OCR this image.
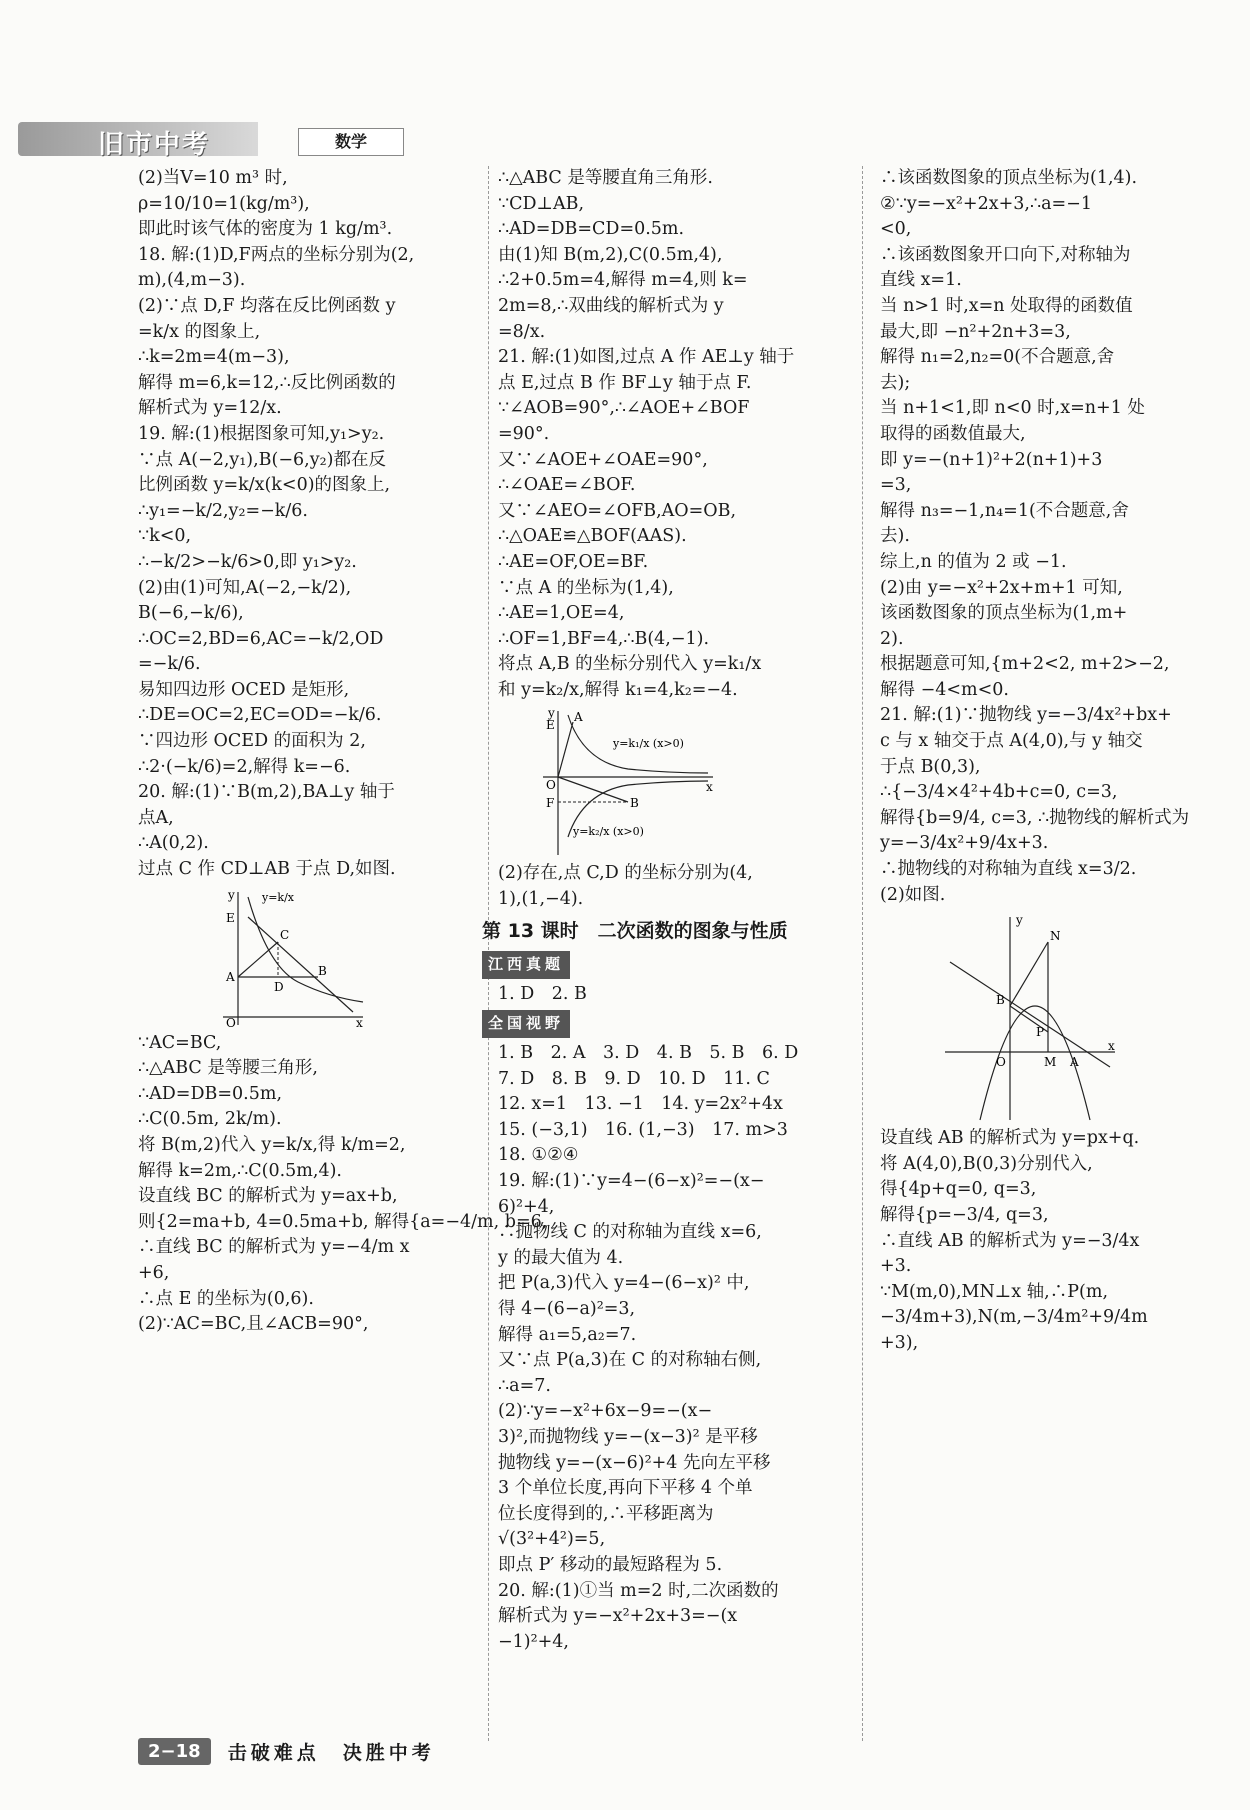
旧市中考	数学
(2)当V=10 m³ 时,
ρ=10/10=1(kg/m³),
即此时该气体的密度为 1 kg/m³.
18. 解:(1)D,F两点的坐标分别为(2,
m),(4,m−3).
(2)∵点 D,F 均落在反比例函数 y
=k/x 的图象上,
∴k=2m=4(m−3),
解得 m=6,k=12,∴反比例函数的
解析式为 y=12/x.
19. 解:(1)根据图象可知,y₁>y₂.
∵点 A(−2,y₁),B(−6,y₂)都在反
比例函数 y=k/x(k<0)的图象上,
∴y₁=−k/2,y₂=−k/6.
∵k<0,
∴−k/2>−k/6>0,即 y₁>y₂.
(2)由(1)可知,A(−2,−k/2),
B(−6,−k/6),
∴OC=2,BD=6,AC=−k/2,OD
=−k/6.
易知四边形 OCED 是矩形,
∴DE=OC=2,EC=OD=−k/6.
∵四边形 OCED 的面积为 2,
∴2·(−k/6)=2,解得 k=−6.
20. 解:(1)∵B(m,2),BA⊥y 轴于
点A,
∴A(0,2).
过点 C 作 CD⊥AB 于点 D,如图.
y
x
O
E
C
A
D
B
y=k/x
∵AC=BC,
∴△ABC 是等腰三角形,
∴AD=DB=0.5m,
∴C(0.5m, 2k/m).
将 B(m,2)代入 y=k/x,得 k/m=2,
解得 k=2m,∴C(0.5m,4).
设直线 BC 的解析式为 y=ax+b,
则{2=ma+b, 4=0.5ma+b, 解得{a=−4/m, b=6,
∴直线 BC 的解析式为 y=−4/m x
+6,
∴点 E 的坐标为(0,6).
(2)∵AC=BC,且∠ACB=90°,
∴△ABC 是等腰直角三角形.
∵CD⊥AB,
∴AD=DB=CD=0.5m.
由(1)知 B(m,2),C(0.5m,4),
∴2+0.5m=4,解得 m=4,则 k=
2m=8,∴双曲线的解析式为 y
=8/x.
21. 解:(1)如图,过点 A 作 AE⊥y 轴于
点 E,过点 B 作 BF⊥y 轴于点 F.
∵∠AOB=90°,∴∠AOE+∠BOF
=90°.
又∵∠AOE+∠OAE=90°,
∴∠OAE=∠BOF.
又∵∠AEO=∠OFB,AO=OB,
∴△OAE≌△BOF(AAS).
∴AE=OF,OE=BF.
∵点 A 的坐标为(1,4),
∴AE=1,OE=4,
∴OF=1,BF=4,∴B(4,−1).
将点 A,B 的坐标分别代入 y=k₁/x
和 y=k₂/x,解得 k₁=4,k₂=−4.
y
x
O
E
A
F	B
y=k₁/x (x>0)
y=k₂/x (x>0)
(2)存在,点 C,D 的坐标分别为(4,
1),(1,−4).
第 13 课时　二次函数的图象与性质
江西真题
1. D　2. B
全国视野
1. B　2. A　3. D　4. B　5. B　6. D
7. D　8. B　9. D　10. D　11. C
12. x=1　13. −1　14. y=2x²+4x
15. (−3,1)　16. (1,−3)　17. m>3
18. ①②④
19. 解:(1)∵y=4−(6−x)²=−(x−
6)²+4,
∴抛物线 C 的对称轴为直线 x=6,
y 的最大值为 4.
把 P(a,3)代入 y=4−(6−x)² 中,
得 4−(6−a)²=3,
解得 a₁=5,a₂=7.
又∵点 P(a,3)在 C 的对称轴右侧,
∴a=7.
(2)∵y=−x²+6x−9=−(x−
3)²,而抛物线 y=−(x−3)² 是平移
抛物线 y=−(x−6)²+4 先向左平移
3 个单位长度,再向下平移 4 个单
位长度得到的,∴平移距离为
√(3²+4²)=5,
即点 P′ 移动的最短路程为 5.
20. 解:(1)①当 m=2 时,二次函数的
解析式为 y=−x²+2x+3=−(x
−1)²+4,
∴该函数图象的顶点坐标为(1,4).
②∵y=−x²+2x+3,∴a=−1
<0,
∴该函数图象开口向下,对称轴为
直线 x=1.
当 n>1 时,x=n 处取得的函数值
最大,即 −n²+2n+3=3,
解得 n₁=2,n₂=0(不合题意,舍
去);
当 n+1<1,即 n<0 时,x=n+1 处
取得的函数值最大,
即 y=−(n+1)²+2(n+1)+3
=3,
解得 n₃=−1,n₄=1(不合题意,舍
去).
综上,n 的值为 2 或 −1.
(2)由 y=−x²+2x+m+1 可知,
该函数图象的顶点坐标为(1,m+
2).
根据题意可知,{m+2<2, m+2>−2,
解得 −4<m<0.
21. 解:(1)∵抛物线 y=−3/4x²+bx+
c 与 x 轴交于点 A(4,0),与 y 轴交
于点 B(0,3),
∴{−3/4×4²+4b+c=0, c=3,
解得{b=9/4, c=3, ∴抛物线的解析式为
y=−3/4x²+9/4x+3.
∴抛物线的对称轴为直线 x=3/2.
(2)如图.
y
x
O
B
N
P
M A
设直线 AB 的解析式为 y=px+q.
将 A(4,0),B(0,3)分别代入,
得{4p+q=0, q=3,
解得{p=−3/4, q=3,
∴直线 AB 的解析式为 y=−3/4x
+3.
∵M(m,0),MN⊥x 轴,∴P(m,
−3/4m+3),N(m,−3/4m²+9/4m
+3),
2−18 击破难点　决胜中考
